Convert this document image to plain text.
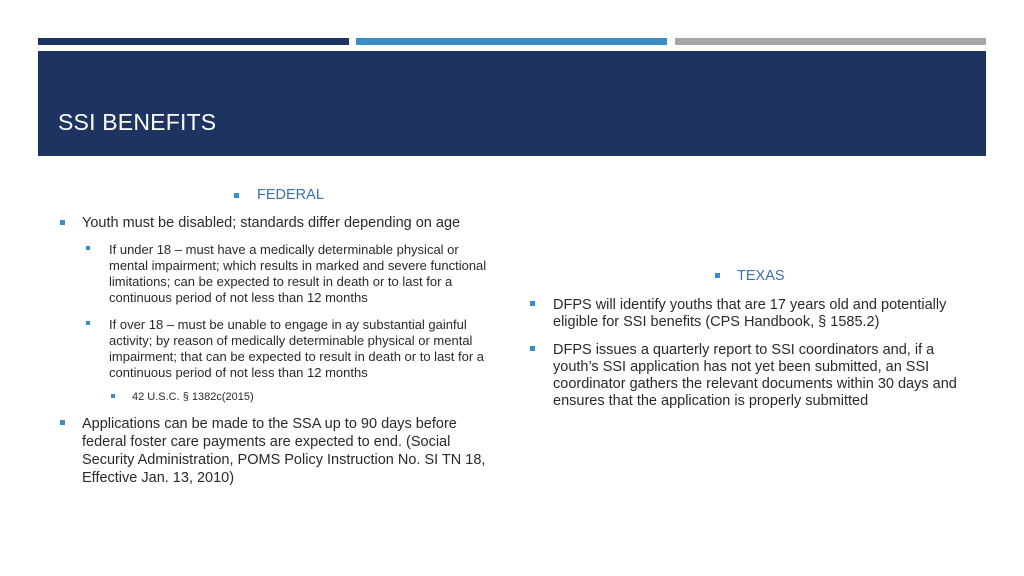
SSI BENEFITS
FEDERAL
Youth must be disabled; standards differ depending on age
If under 18 – must have a medically determinable physical or mental impairment; which results in marked and severe functional limitations; can be expected to result in death or to last for a continuous period of not less than 12 months
If over 18 – must be unable to engage in ay substantial gainful activity; by reason of medically determinable physical or mental impairment; that can be expected to result in death or to last for a continuous period of not less than 12 months
42 U.S.C. § 1382c(2015)
Applications can be made to the SSA up to 90 days before federal foster care payments are expected to end. (Social Security Administration, POMS Policy Instruction No. SI TN 18, Effective Jan. 13, 2010)
TEXAS
DFPS will identify youths that are 17 years old and potentially eligible for SSI benefits (CPS Handbook, § 1585.2)
DFPS issues a quarterly report to SSI coordinators and, if a youth’s SSI application has not yet been submitted, an SSI coordinator gathers the relevant documents within 30 days and ensures that the application is properly submitted
